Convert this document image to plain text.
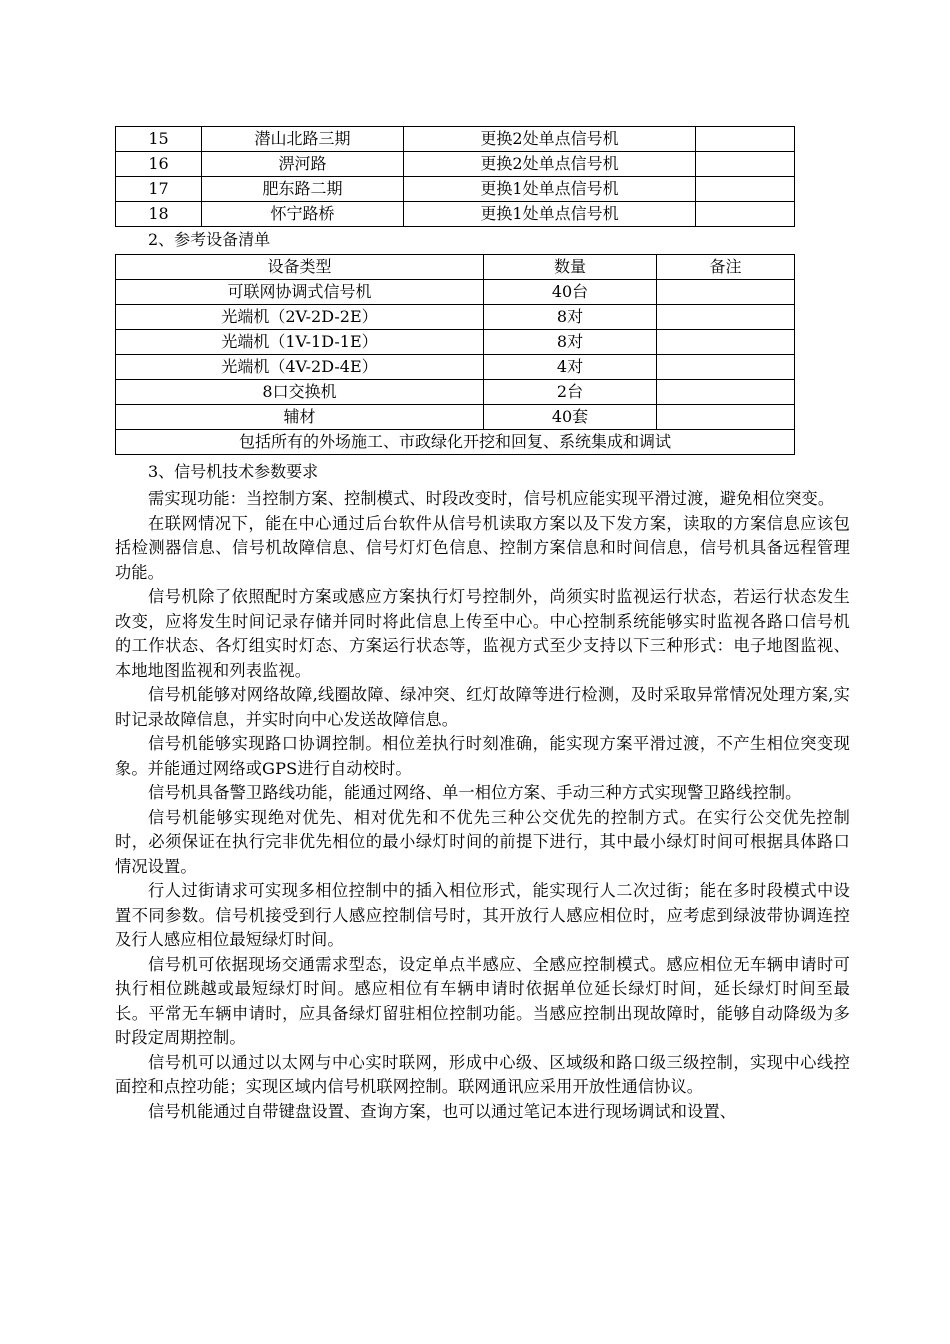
15	潜山北路三期	更换2处单点信号机	
16	淠河路	更换2处单点信号机	
17	肥东路二期	更换1处单点信号机	
18	怀宁路桥	更换1处单点信号机	
2、参考设备清单
设备类型	数量	备注
可联网协调式信号机	40台	
光端机（2V-2D-2E）	8对	
光端机（1V-1D-1E）	8对	
光端机（4V-2D-4E）	4对	
8口交换机	2台	
辅材	40套	
包括所有的外场施工、市政绿化开挖和回复、系统集成和调试		
3、信号机技术参数要求

需实现功能：当控制方案、控制模式、时段改变时，信号机应能实现平滑过渡，避免相位突变。

在联网情况下，能在中心通过后台软件从信号机读取方案以及下发方案，读取的方案信息应该包括检测器信息、信号机故障信息、信号灯灯色信息、控制方案信息和时间信息，信号机具备远程管理功能。

信号机除了依照配时方案或感应方案执行灯号控制外，尚须实时监视运行状态，若运行状态发生改变，应将发生时间记录存储并同时将此信息上传至中心。中心控制系统能够实时监视各路口信号机的工作状态、各灯组实时灯态、方案运行状态等，监视方式至少支持以下三种形式：电子地图监视、本地地图监视和列表监视。

信号机能够对网络故障,线圈故障、绿冲突、红灯故障等进行检测，及时采取异常情况处理方案,实时记录故障信息，并实时向中心发送故障信息。

信号机能够实现路口协调控制。相位差执行时刻准确，能实现方案平滑过渡，不产生相位突变现象。并能通过网络或GPS进行自动校时。

信号机具备警卫路线功能，能通过网络、单一相位方案、手动三种方式实现警卫路线控制。

信号机能够实现绝对优先、相对优先和不优先三种公交优先的控制方式。在实行公交优先控制时，必须保证在执行完非优先相位的最小绿灯时间的前提下进行，其中最小绿灯时间可根据具体路口情况设置。

行人过街请求可实现多相位控制中的插入相位形式，能实现行人二次过街；能在多时段模式中设置不同参数。信号机接受到行人感应控制信号时，其开放行人感应相位时，应考虑到绿波带协调连控及行人感应相位最短绿灯时间。

信号机可依据现场交通需求型态，设定单点半感应、全感应控制模式。感应相位无车辆申请时可执行相位跳越或最短绿灯时间。感应相位有车辆申请时依据单位延长绿灯时间，延长绿灯时间至最长。平常无车辆申请时，应具备绿灯留驻相位控制功能。当感应控制出现故障时，能够自动降级为多时段定周期控制。

信号机可以通过以太网与中心实时联网，形成中心级、区域级和路口级三级控制，实现中心线控面控和点控功能；实现区域内信号机联网控制。联网通讯应采用开放性通信协议。

信号机能通过自带键盘设置、查询方案，也可以通过笔记本进行现场调试和设置、
